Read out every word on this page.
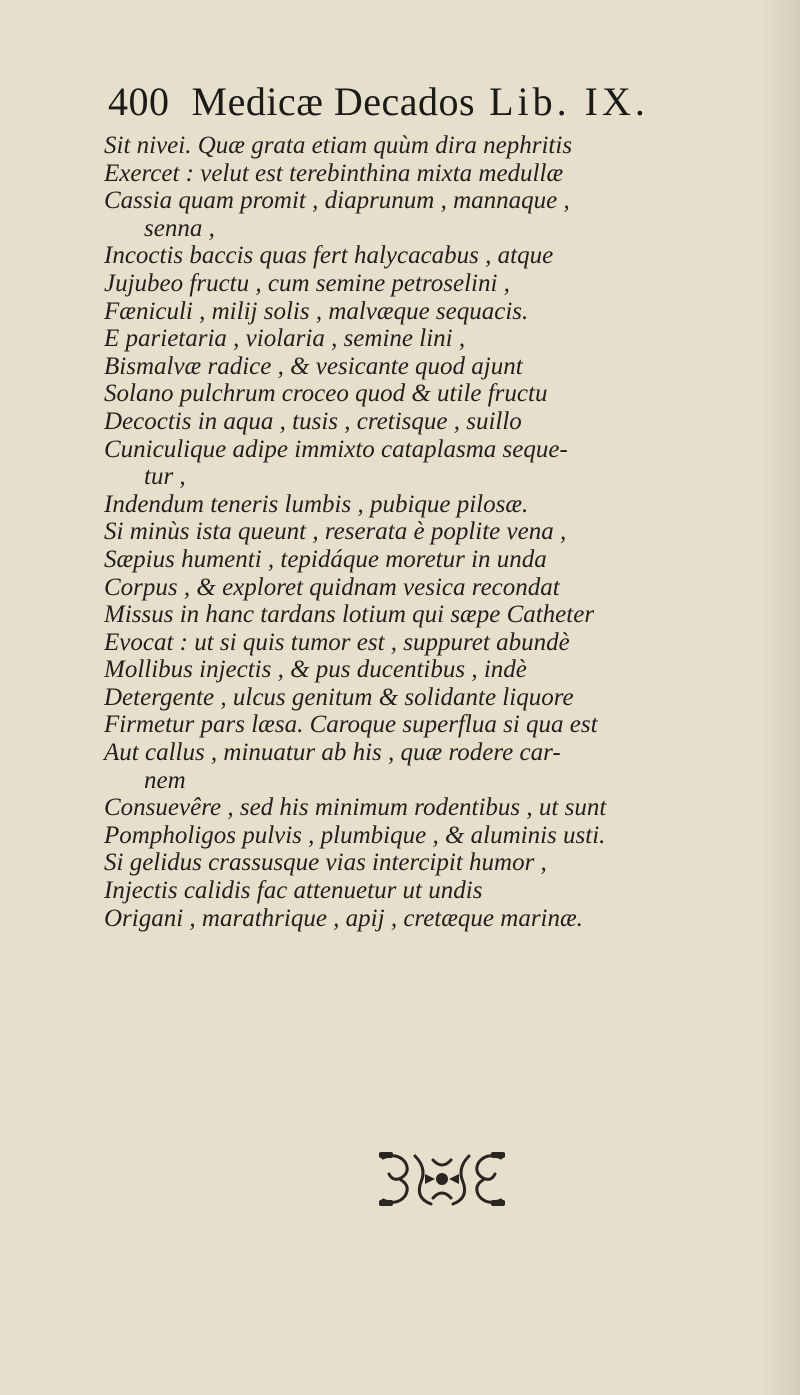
400 Medicæ Decados Lib. IX.
Sit nivei. Quæ grata etiam quùm dira nephritis
Exercet : velut est terebinthina mixta medullæ
Cassia quam promit , diaprunum , mannaque ,
senna ,
Incoctis baccis quas fert halycacabus , atque
Jujubeo fructu , cum semine petroselini ,
Fæniculi , milij solis , malvæque sequacis.
E parietaria , violaria , semine lini ,
Bismalvæ radice , & vesicante quod ajunt
Solano pulchrum croceo quod & utile fructu
Decoctis in aqua , tusis , cretisque , suillo
Cuniculique adipe immixto cataplasma seque-
tur ,
Indendum teneris lumbis , pubique pilosæ.
Si minùs ista queunt , reserata è poplite vena ,
Sæpius humenti , tepidáque moretur in unda
Corpus , & exploret quidnam vesica recondat
Missus in hanc tardans lotium qui sæpe Catheter
Evocat : ut si quis tumor est , suppuret abundè
Mollibus injectis , & pus ducentibus , indè
Detergente , ulcus genitum & solidante liquore
Firmetur pars læsa. Caroque superflua si qua est
Aut callus , minuatur ab his , quæ rodere car-
nem
Consuevêre , sed his minimum rodentibus , ut sunt
Pompholigos pulvis , plumbique , & aluminis usti.
Si gelidus crassusque vias intercipit humor ,
Injectis calidis fac attenuetur ut undis
Origani , marathrique , apij , cretæque marinæ.
